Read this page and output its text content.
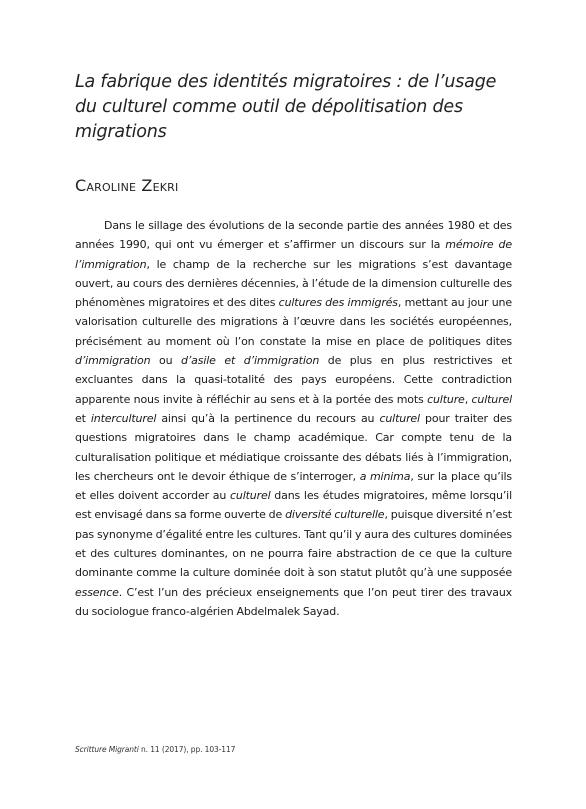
La fabrique des identités migratoires : de l’usage du culturel comme outil de dépolitisation des migrations

Caroline Zekri

Dans le sillage des évolutions de la seconde partie des années 1980 et des années 1990, qui ont vu émerger et s’affirmer un discours sur la mémoire de l’immigration, le champ de la recherche sur les migrations s’est davantage ouvert, au cours des dernières décennies, à l’étude de la dimension culturelle des phénomènes migratoires et des dites cultures des immigrés, mettant au jour une valorisation culturelle des migrations à l’œuvre dans les sociétés européennes, précisément au moment où l’on constate la mise en place de politiques dites d’immigration ou d’asile et d’immigration de plus en plus restrictives et excluantes dans la quasi-totalité des pays européens. Cette contradiction apparente nous invite à réfléchir au sens et à la portée des mots culture, culturel et interculturel ainsi qu’à la pertinence du recours au culturel pour traiter des questions migratoires dans le champ académique. Car compte tenu de la culturalisation politique et médiatique croissante des débats liés à l’immigration, les chercheurs ont le devoir éthique de s’interroger, a minima, sur la place qu’ils et elles doivent accorder au culturel dans les études migratoires, même lorsqu’il est envisagé dans sa forme ouverte de diversité culturelle, puisque diversité n’est pas synonyme d’égalité entre les cultures. Tant qu’il y aura des cultures dominées et des cultures dominantes, on ne pourra faire abstraction de ce que la culture dominante comme la culture dominée doit à son statut plutôt qu’à une supposée essence. C’est l’un des précieux enseignements que l’on peut tirer des travaux du sociologue franco-algérien Abdelmalek Sayad.

Scritture Migranti n. 11 (2017), pp. 103-117
